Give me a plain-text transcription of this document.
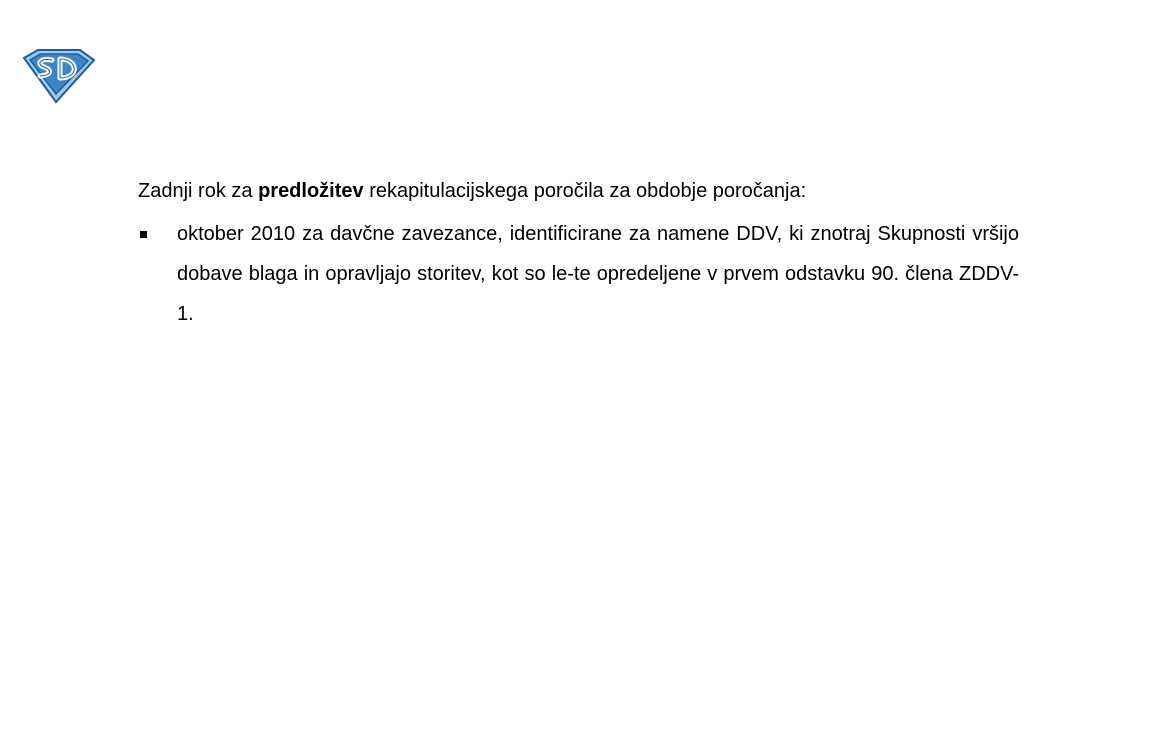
Zadnji rok za predložitev rekapitulacijskega poročila za obdobje poročanja:

oktober 2010 za davčne zavezance, identificirane za namene DDV, ki znotraj Skupnosti vršijo dobave blaga in opravljajo storitev, kot so le-te opredeljene v prvem odstavku 90. člena ZDDV-1.
